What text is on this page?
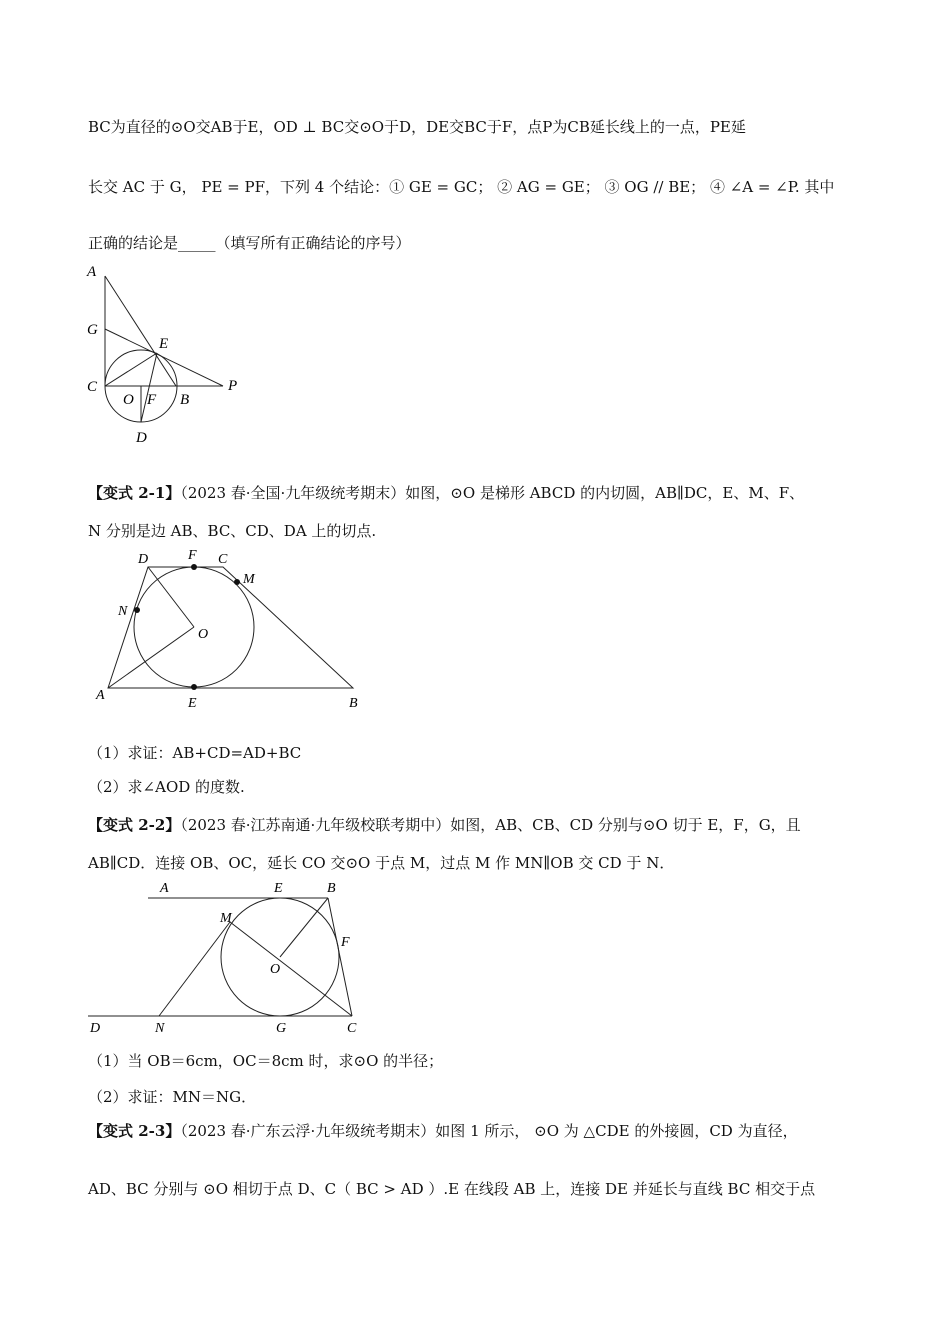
BC为直径的⊙O交AB于E，OD ⊥ BC交⊙O于D，DE交BC于F，点P为CB延长线上的一点，PE延
长交 AC 于 G， PE = PF，下列 4 个结论：① GE = GC； ② AG = GE； ③ OG // BE； ④ ∠A = ∠P. 其中
正确的结论是_____（填写所有正确结论的序号）
A
G
E
C
O F B
P
D
【变式 2-1】（2023 春·全国·九年级统考期末）如图，⊙O 是梯形 ABCD 的内切圆，AB∥DC，E、M、F、
N 分别是边 AB、BC、CD、DA 上的切点.
D	F C
M
N
O
A
E	B
（1）求证：AB+CD=AD+BC
（2）求∠AOD 的度数.
【变式 2-2】（2023 春·江苏南通·九年级校联考期中）如图，AB、CB、CD 分别与⊙O 切于 E，F，G，且
AB∥CD．连接 OB、OC，延长 CO 交⊙O 于点 M，过点 M 作 MN∥OB 交 CD 于 N．
A	E	B
M
F
O
D	N	G	C
（1）当 OB＝6cm，OC＝8cm 时，求⊙O 的半径；
（2）求证：MN＝NG．
【变式 2-3】（2023 春·广东云浮·九年级统考期末）如图 1 所示， ⊙O 为 △CDE 的外接圆，CD 为直径，
AD、BC 分别与 ⊙O 相切于点 D、C（ BC > AD ）.E 在线段 AB 上，连接 DE 并延长与直线 BC 相交于点
